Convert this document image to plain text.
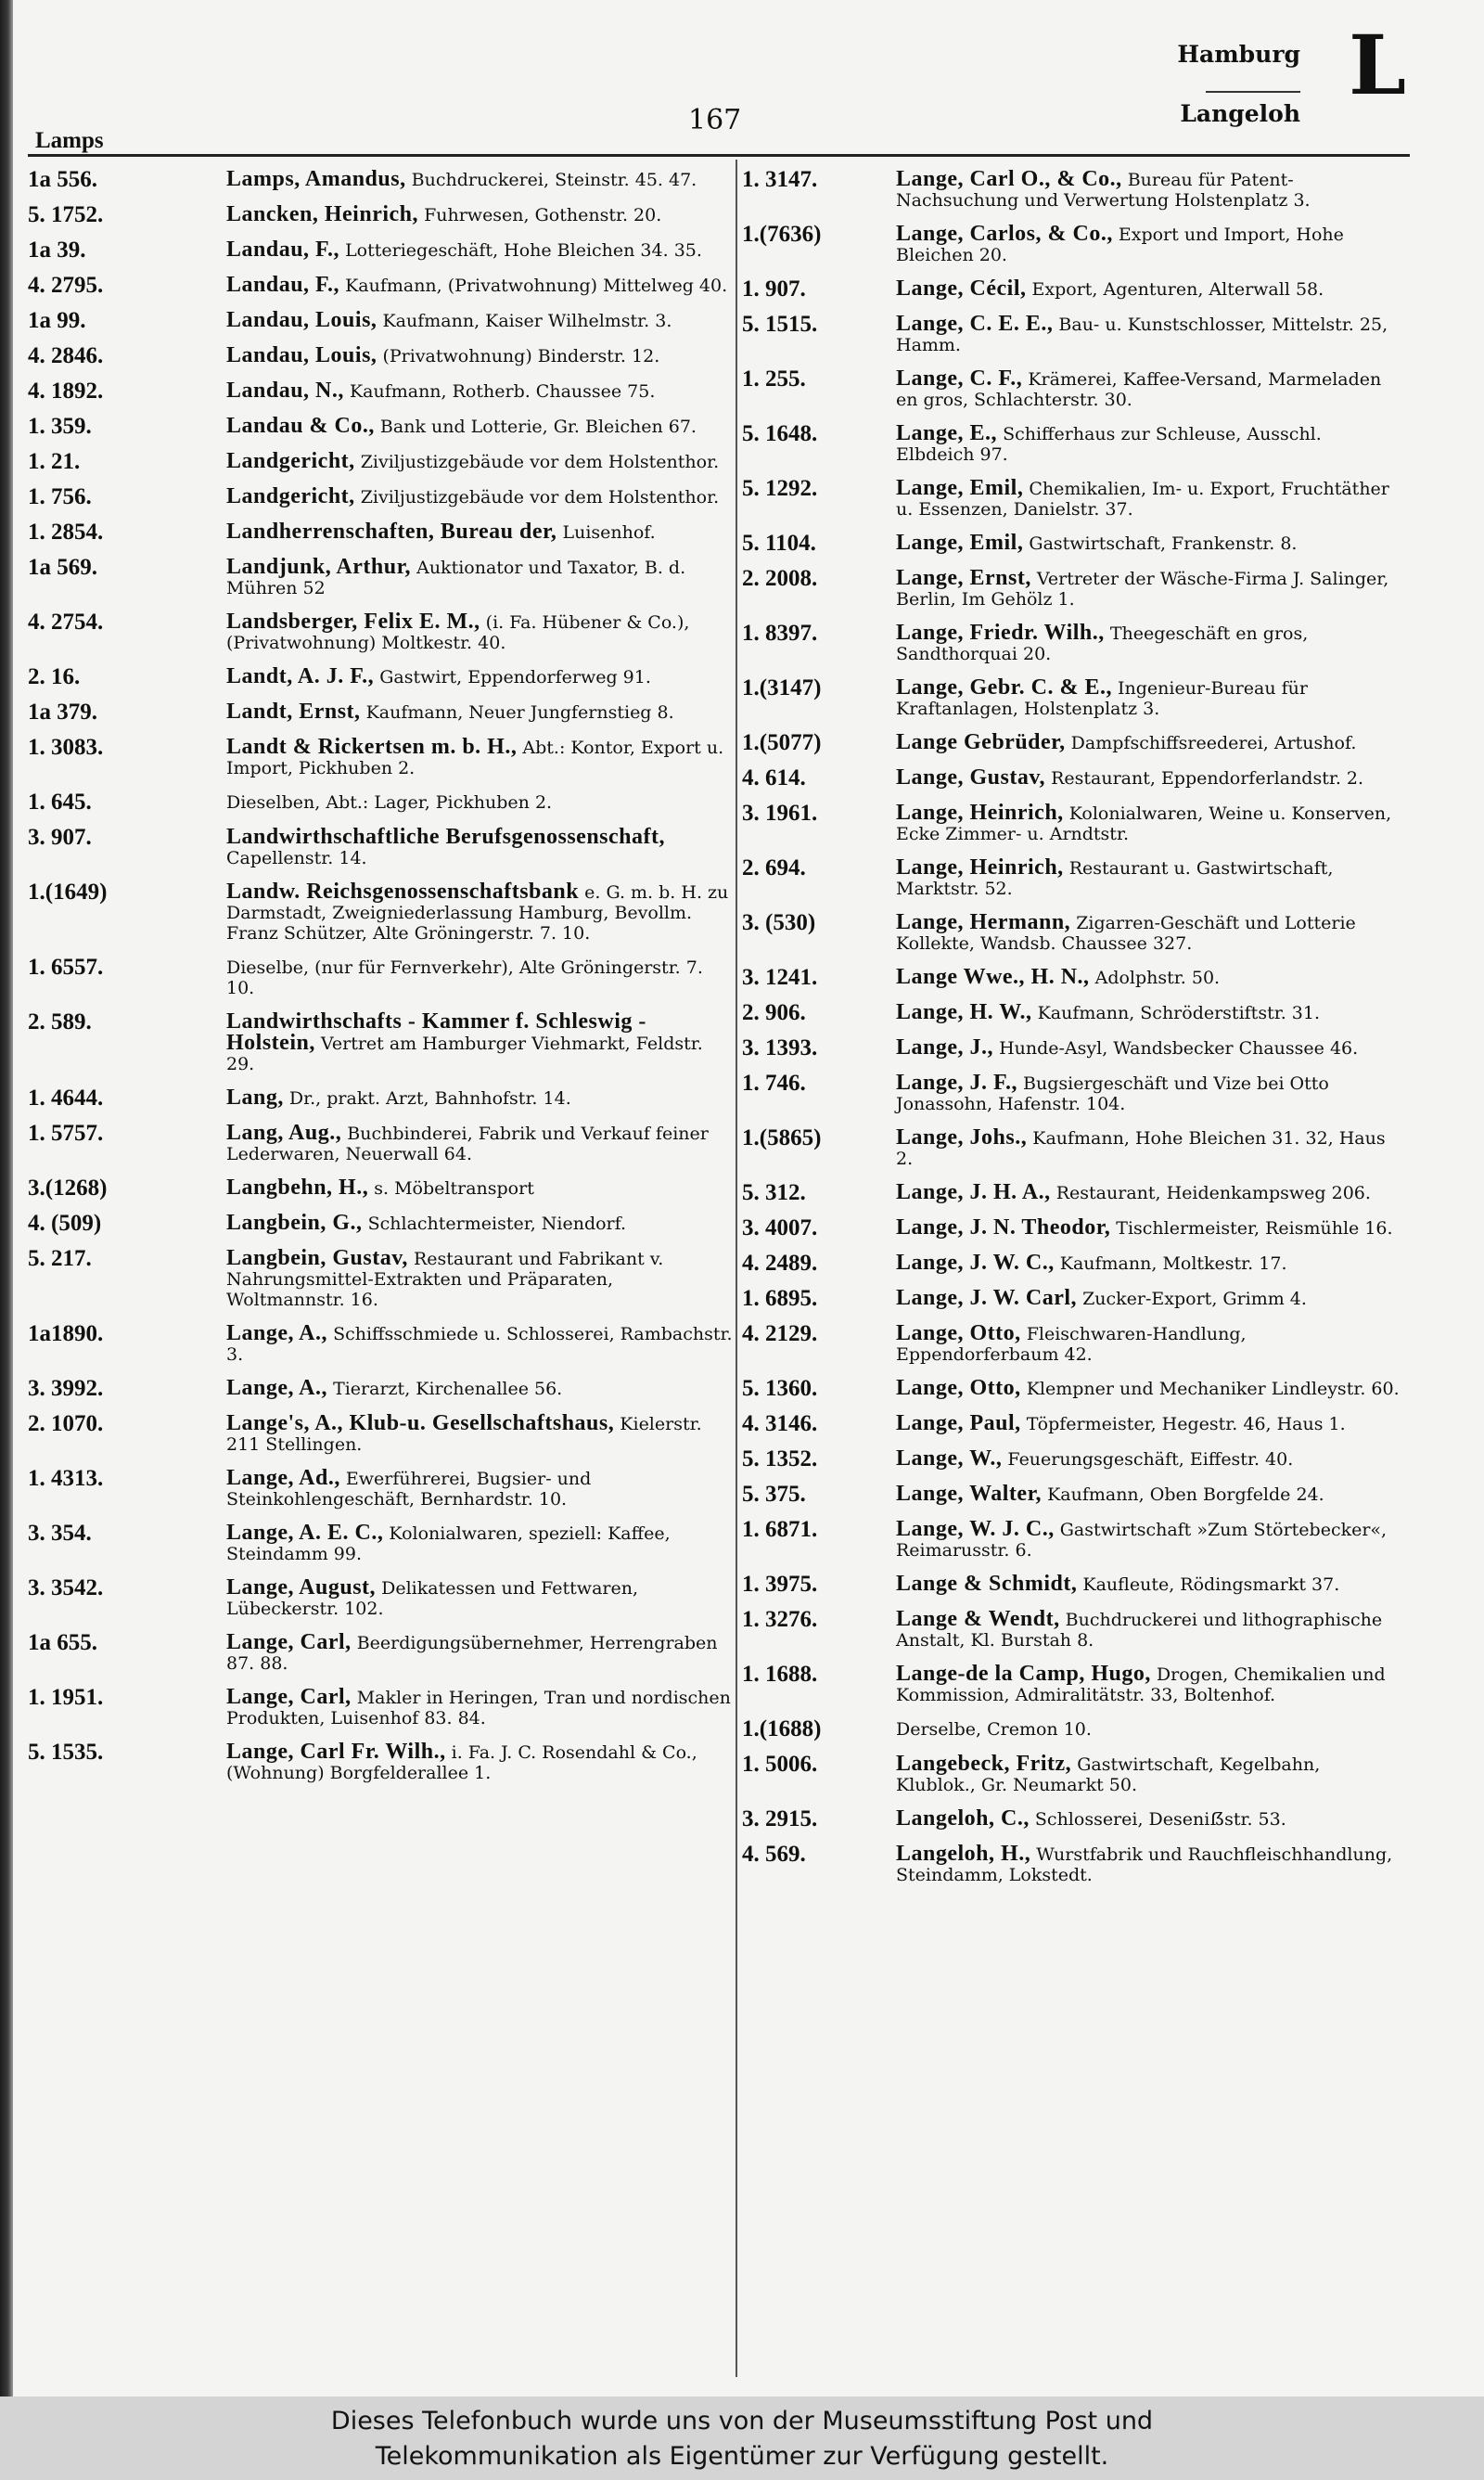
Lamps
167
Hamburg
Langeloh
L
1a 556.	Lamps, Amandus, Buchdruckerei, Steinstr. 45. 47.
5. 1752.	Lancken, Heinrich, Fuhrwesen, Gothenstr. 20.
1a 39.	Landau, F., Lotteriegeschäft, Hohe Bleichen 34. 35.
4. 2795.	Landau, F., Kaufmann, (Privatwohnung) Mittelweg 40.
1a 99.	Landau, Louis, Kaufmann, Kaiser Wilhelmstr. 3.
4. 2846.	Landau, Louis, (Privatwohnung) Binderstr. 12.
4. 1892.	Landau, N., Kaufmann, Rotherb. Chaussee 75.
1. 359.	Landau & Co., Bank und Lotterie, Gr. Bleichen 67.
1. 21.	Landgericht, Ziviljustizgebäude vor dem Holstenthor.
1. 756.	Landgericht, Ziviljustizgebäude vor dem Holstenthor.
1. 2854.	Landherrenschaften, Bureau der, Luisenhof.
1a 569.	Landjunk, Arthur, Auktionator und Taxator, B. d. Mühren 52
4. 2754.	Landsberger, Felix E. M., (i. Fa. Hübener & Co.), (Privatwohnung) Moltkestr. 40.
2. 16.	Landt, A. J. F., Gastwirt, Eppendorferweg 91.
1a 379.	Landt, Ernst, Kaufmann, Neuer Jungfernstieg 8.
1. 3083.	Landt & Rickertsen m. b. H., Abt.: Kontor, Export u. Import, Pickhuben 2.
1. 645.	Dieselben, Abt.: Lager, Pickhuben 2.
3. 907.	Landwirthschaftliche Berufsgenossenschaft, Capellenstr. 14.
1.(1649)	Landw. Reichsgenossenschaftsbank e. G. m. b. H. zu Darmstadt, Zweigniederlassung Hamburg, Bevollm. Franz Schützer, Alte Gröningerstr. 7. 10.
1. 6557.	Dieselbe, (nur für Fernverkehr), Alte Gröningerstr. 7. 10.
2. 589.	Landwirthschafts - Kammer f. Schleswig - Holstein, Vertret am Hamburger Viehmarkt, Feldstr. 29.
1. 4644.	Lang, Dr., prakt. Arzt, Bahnhofstr. 14.
1. 5757.	Lang, Aug., Buchbinderei, Fabrik und Verkauf feiner Lederwaren, Neuerwall 64.
3.(1268)	Langbehn, H., s. Möbeltransport
4. (509)	Langbein, G., Schlachtermeister, Niendorf.
5. 217.	Langbein, Gustav, Restaurant und Fabrikant v. Nahrungsmittel-Extrakten und Präparaten, Woltmannstr. 16.
1a1890.	Lange, A., Schiffsschmiede u. Schlosserei, Rambachstr. 3.
3. 3992.	Lange, A., Tierarzt, Kirchenallee 56.
2. 1070.	Lange's, A., Klub-u. Gesellschaftshaus, Kielerstr. 211 Stellingen.
1. 4313.	Lange, Ad., Ewerführerei, Bugsier- und Steinkohlengeschäft, Bernhardstr. 10.
3. 354.	Lange, A. E. C., Kolonialwaren, speziell: Kaffee, Steindamm 99.
3. 3542.	Lange, August, Delikatessen und Fettwaren, Lübeckerstr. 102.
1a 655.	Lange, Carl, Beerdigungsübernehmer, Herrengraben 87. 88.
1. 1951.	Lange, Carl, Makler in Heringen, Tran und nordischen Produkten, Luisenhof 83. 84.
5. 1535.	Lange, Carl Fr. Wilh., i. Fa. J. C. Rosendahl & Co., (Wohnung) Borgfelderallee 1.
1. 3147.	Lange, Carl O., & Co., Bureau für Patent-Nachsuchung und Verwertung Holstenplatz 3.
1.(7636)	Lange, Carlos, & Co., Export und Import, Hohe Bleichen 20.
1. 907.	Lange, Cécil, Export, Agenturen, Alterwall 58.
5. 1515.	Lange, C. E. E., Bau- u. Kunstschlosser, Mittelstr. 25, Hamm.
1. 255.	Lange, C. F., Krämerei, Kaffee-Versand, Marmeladen en gros, Schlachterstr. 30.
5. 1648.	Lange, E., Schifferhaus zur Schleuse, Ausschl. Elbdeich 97.
5. 1292.	Lange, Emil, Chemikalien, Im- u. Export, Fruchtäther u. Essenzen, Danielstr. 37.
5. 1104.	Lange, Emil, Gastwirtschaft, Frankenstr. 8.
2. 2008.	Lange, Ernst, Vertreter der Wäsche-Firma J. Salinger, Berlin, Im Gehölz 1.
1. 8397.	Lange, Friedr. Wilh., Theegeschäft en gros, Sandthorquai 20.
1.(3147)	Lange, Gebr. C. & E., Ingenieur-Bureau für Kraftanlagen, Holstenplatz 3.
1.(5077)	Lange Gebrüder, Dampfschiffsreederei, Artushof.
4. 614.	Lange, Gustav, Restaurant, Eppendorferlandstr. 2.
3. 1961.	Lange, Heinrich, Kolonialwaren, Weine u. Konserven, Ecke Zimmer- u. Arndtstr.
2. 694.	Lange, Heinrich, Restaurant u. Gastwirtschaft, Marktstr. 52.
3. (530)	Lange, Hermann, Zigarren-Geschäft und Lotterie Kollekte, Wandsb. Chaussee 327.
3. 1241.	Lange Wwe., H. N., Adolphstr. 50.
2. 906.	Lange, H. W., Kaufmann, Schröderstiftstr. 31.
3. 1393.	Lange, J., Hunde-Asyl, Wandsbecker Chaussee 46.
1. 746.	Lange, J. F., Bugsiergeschäft und Vize bei Otto Jonassohn, Hafenstr. 104.
1.(5865)	Lange, Johs., Kaufmann, Hohe Bleichen 31. 32, Haus 2.
5. 312.	Lange, J. H. A., Restaurant, Heidenkampsweg 206.
3. 4007.	Lange, J. N. Theodor, Tischlermeister, Reismühle 16.
4. 2489.	Lange, J. W. C., Kaufmann, Moltkestr. 17.
1. 6895.	Lange, J. W. Carl, Zucker-Export, Grimm 4.
4. 2129.	Lange, Otto, Fleischwaren-Handlung, Eppendorferbaum 42.
5. 1360.	Lange, Otto, Klempner und Mechaniker Lindleystr. 60.
4. 3146.	Lange, Paul, Töpfermeister, Hegestr. 46, Haus 1.
5. 1352.	Lange, W., Feuerungsgeschäft, Eiffestr. 40.
5. 375.	Lange, Walter, Kaufmann, Oben Borgfelde 24.
1. 6871.	Lange, W. J. C., Gastwirtschaft »Zum Störtebecker«, Reimarusstr. 6.
1. 3975.	Lange & Schmidt, Kaufleute, Rödingsmarkt 37.
1. 3276.	Lange & Wendt, Buchdruckerei und lithographische Anstalt, Kl. Burstah 8.
1. 1688.	Lange-de la Camp, Hugo, Drogen, Chemikalien und Kommission, Admiralitätstr. 33, Boltenhof.
1.(1688)	Derselbe, Cremon 10.
1. 5006.	Langebeck, Fritz, Gastwirtschaft, Kegelbahn, Klublok., Gr. Neumarkt 50.
3. 2915.	Langeloh, C., Schlosserei, Deseniẞstr. 53.
4. 569.	Langeloh, H., Wurstfabrik und Rauchfleischhandlung, Steindamm, Lokstedt.
Dieses Telefonbuch wurde uns von der Museumsstiftung Post und
Telekommunikation als Eigentümer zur Verfügung gestellt.
